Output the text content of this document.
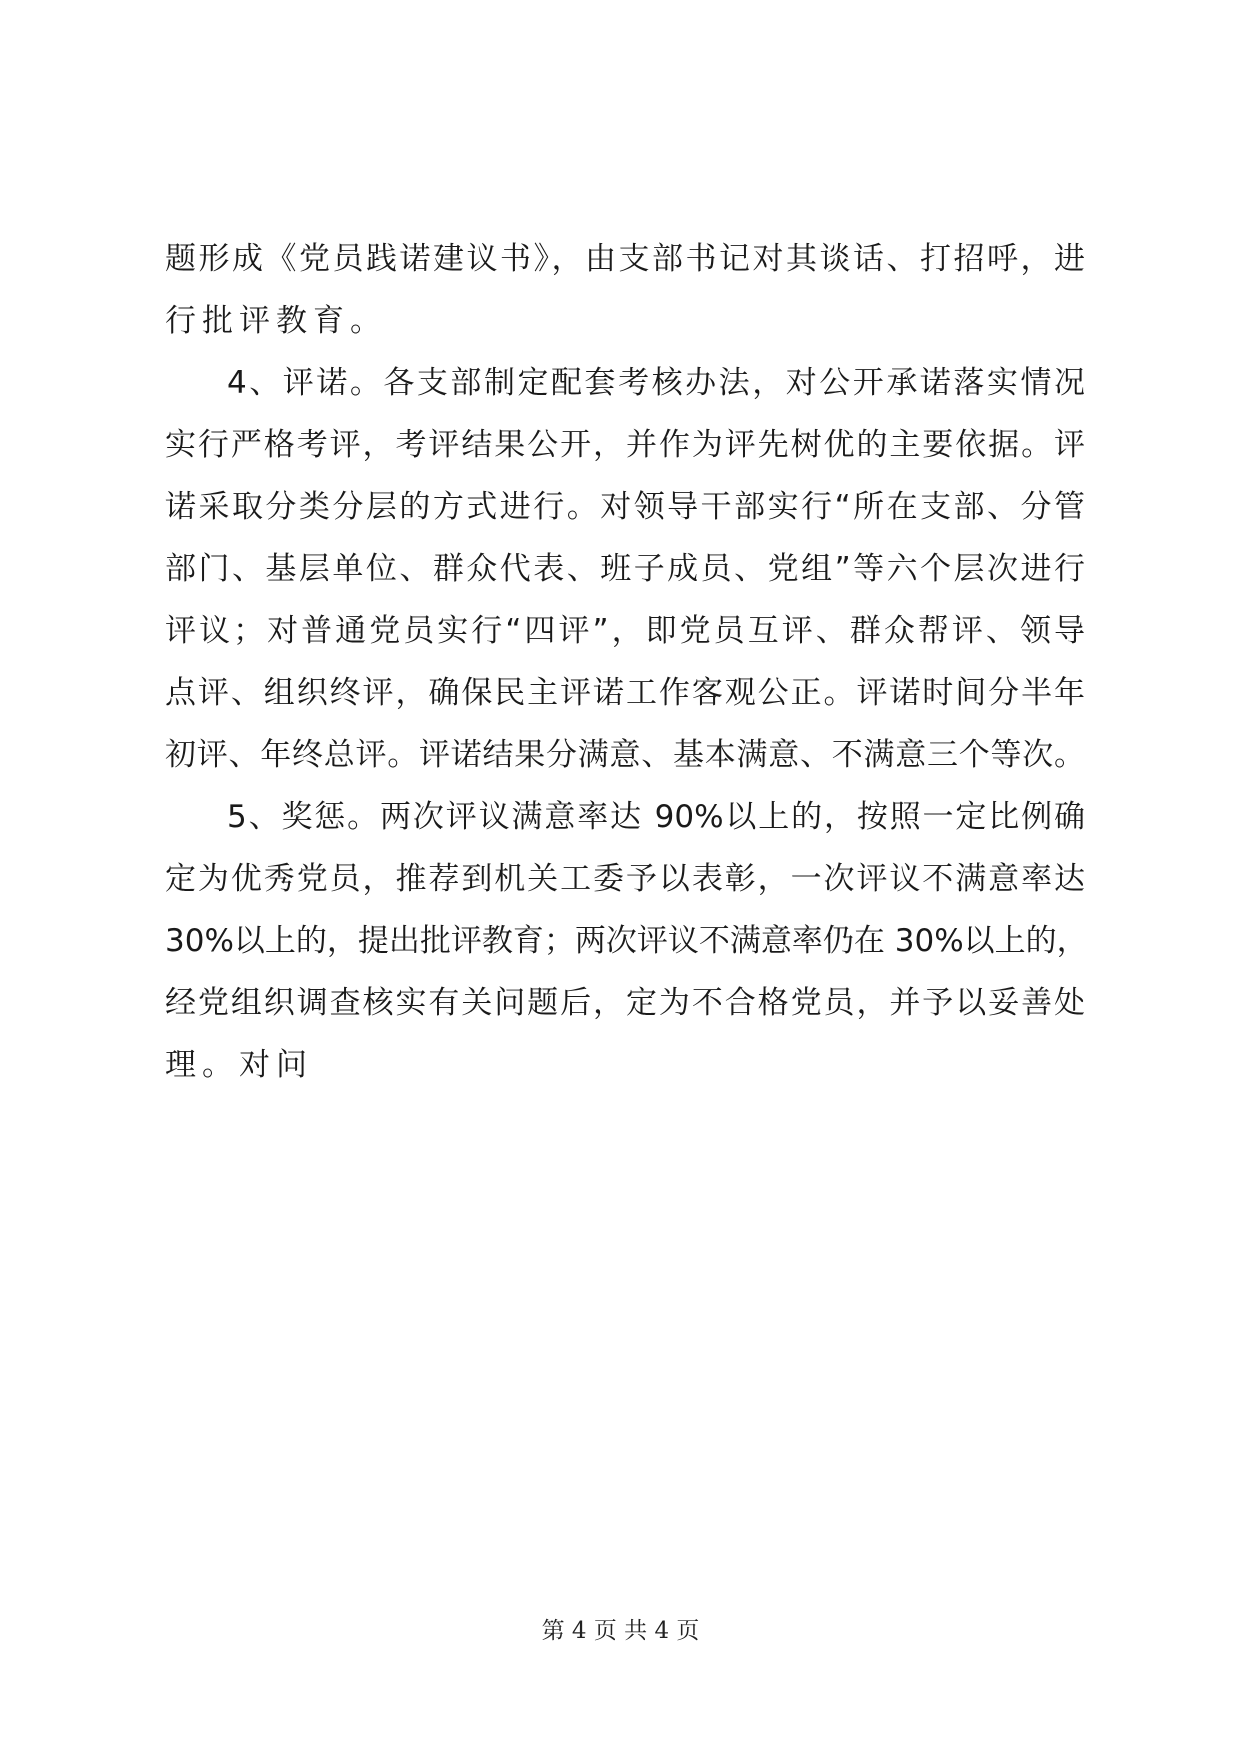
题形成《党员践诺建议书》，由支部书记对其谈话、打招呼，进
行批评教育。
4、评诺。各支部制定配套考核办法，对公开承诺落实情况
实行严格考评，考评结果公开，并作为评先树优的主要依据。评
诺采取分类分层的方式进行。对领导干部实行“所在支部、分管
部门、基层单位、群众代表、班子成员、党组”等六个层次进行
评议；对普通党员实行“四评”，即党员互评、群众帮评、领导
点评、组织终评，确保民主评诺工作客观公正。评诺时间分半年
初评、年终总评。评诺结果分满意、基本满意、不满意三个等次。
5、奖惩。两次评议满意率达 90%以上的，按照一定比例确
定为优秀党员，推荐到机关工委予以表彰，一次评议不满意率达
30%以上的，提出批评教育；两次评议不满意率仍在 30%以上的，
经党组织调查核实有关问题后，定为不合格党员，并予以妥善处
理。对问
第 4 页 共 4 页
